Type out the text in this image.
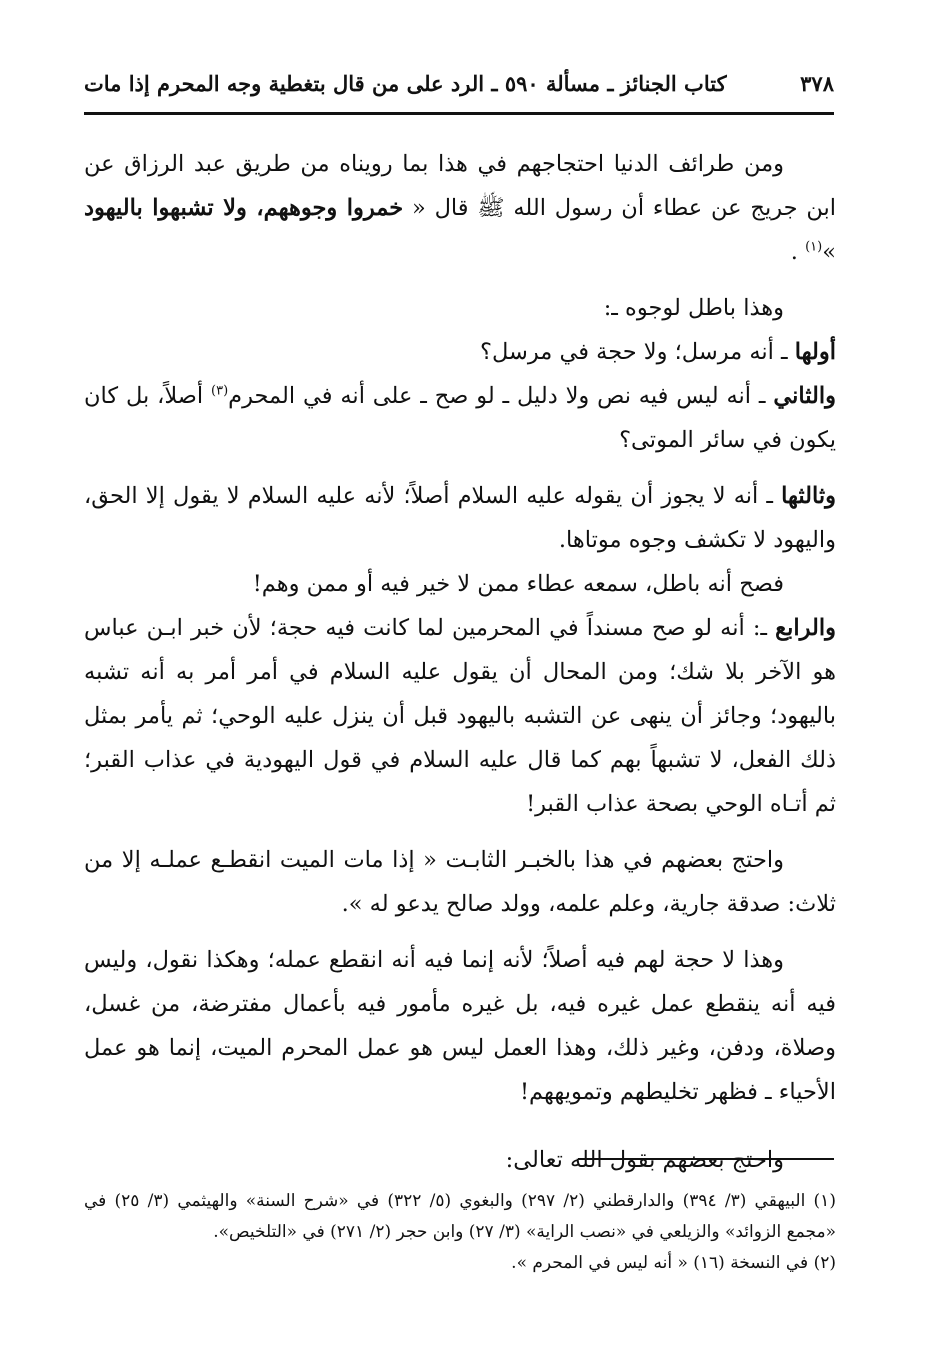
٣٧٨
كتاب الجنائز ـ مسألة ٥٩٠ ـ الرد على من قال بتغطية وجه المحرم إذا مات

ومن طرائف الدنيا احتجاجهم في هذا بما رويناه من طريق عبد الرزاق عن ابن جريج عن عطاء أن رسول الله ﷺ قال « خمروا وجوههم، ولا تشبهوا باليهود »$^{(١)}$ .

وهذا باطل لوجوه ـ:

أولها ـ أنه مرسل؛ ولا حجة في مرسل؟

والثاني ـ أنه ليس فيه نص ولا دليل ـ لو صح ـ على أنه في المحرم$^{(٣)}$ أصلاً، بل كان يكون في سائر الموتى؟

وثالثها ـ أنه لا يجوز أن يقوله عليه السلام أصلاً؛ لأنه عليه السلام لا يقول إلا الحق، واليهود لا تكشف وجوه موتاها.

فصح أنه باطل، سمعه عطاء ممن لا خير فيه أو ممن وهم!

والرابع ـ: أنه لو صح مسنداً في المحرمين لما كانت فيه حجة؛ لأن خبر ابـن عباس هو الآخر بلا شك؛ ومن المحال أن يقول عليه السلام في أمر أمر به أنه تشبه باليهود؛ وجائز أن ينهى عن التشبه باليهود قبل أن ينزل عليه الوحي؛ ثم يأمر بمثل ذلك الفعل، لا تشبهاً بهم كما قال عليه السلام في قول اليهودية في عذاب القبر؛ ثم أتـاه الوحي بصحة عذاب القبر!

واحتج بعضهم في هذا بالخبـر الثابـت « إذا مات الميت انقطـع عملـه إلا من ثلاث: صدقة جارية، وعلم علمه، وولد صالح يدعو له ».

وهذا لا حجة لهم فيه أصلاً؛ لأنه إنما فيه أنه انقطع عمله؛ وهكذا نقول، وليس فيه أنه ينقطع عمل غيره فيه، بل غيره مأمور فيه بأعمال مفترضة، من غسل، وصلاة، ودفن، وغير ذلك، وهذا العمل ليس هو عمل المحرم الميت، إنما هو عمل الأحياء ـ فظهر تخليطهم وتمويههم!

واحتج بعضهم بقول الله تعالى:

(١) البيهقي (٣/ ٣٩٤) والدارقطني (٢/ ٢٩٧) والبغوي (٥/ ٣٢٢) في «شرح السنة» والهيثمي (٣/ ٢٥) في «مجمع الزوائد» والزيلعي في «نصب الراية» (٣/ ٢٧) وابن حجر (٢/ ٢٧١) في «التلخيص».

(٢) في النسخة (١٦) « أنه ليس في المحرم ».
